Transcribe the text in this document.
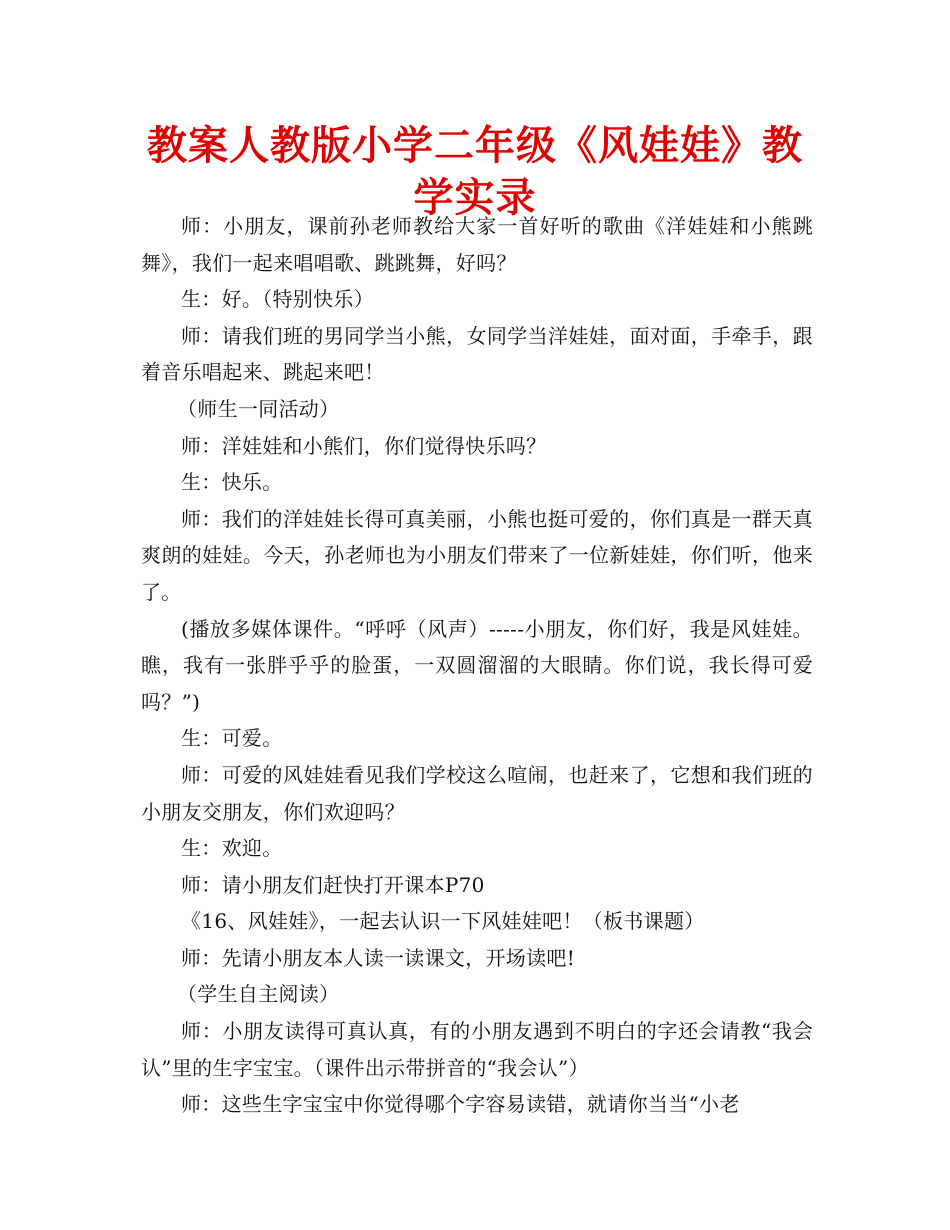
教案人教版小学二年级《风娃娃》教学实录

师：小朋友，课前孙老师教给大家一首好听的歌曲《洋娃娃和小熊跳舞》，我们一起来唱唱歌、跳跳舞，好吗？

生：好。（特别快乐）

师：请我们班的男同学当小熊，女同学当洋娃娃，面对面，手牵手，跟着音乐唱起来、跳起来吧！

（师生一同活动）

师：洋娃娃和小熊们，你们觉得快乐吗？

生：快乐。

师：我们的洋娃娃长得可真美丽，小熊也挺可爱的，你们真是一群天真爽朗的娃娃。今天，孙老师也为小朋友们带来了一位新娃娃，你们听，他来了。

(播放多媒体课件。“呼呼（风声）-----小朋友，你们好，我是风娃娃。瞧，我有一张胖乎乎的脸蛋，一双圆溜溜的大眼睛。你们说，我长得可爱吗？”)

生：可爱。

师：可爱的风娃娃看见我们学校这么喧闹，也赶来了，它想和我们班的小朋友交朋友，你们欢迎吗？

生：欢迎。

师：请小朋友们赶快打开课本P70

《16、风娃娃》，一起去认识一下风娃娃吧！（板书课题）

师：先请小朋友本人读一读课文，开场读吧!

（学生自主阅读）

师：小朋友读得可真认真，有的小朋友遇到不明白的字还会请教“我会认”里的生字宝宝。（课件出示带拼音的“我会认”）

师：这些生字宝宝中你觉得哪个字容易读错，就请你当当“小老
